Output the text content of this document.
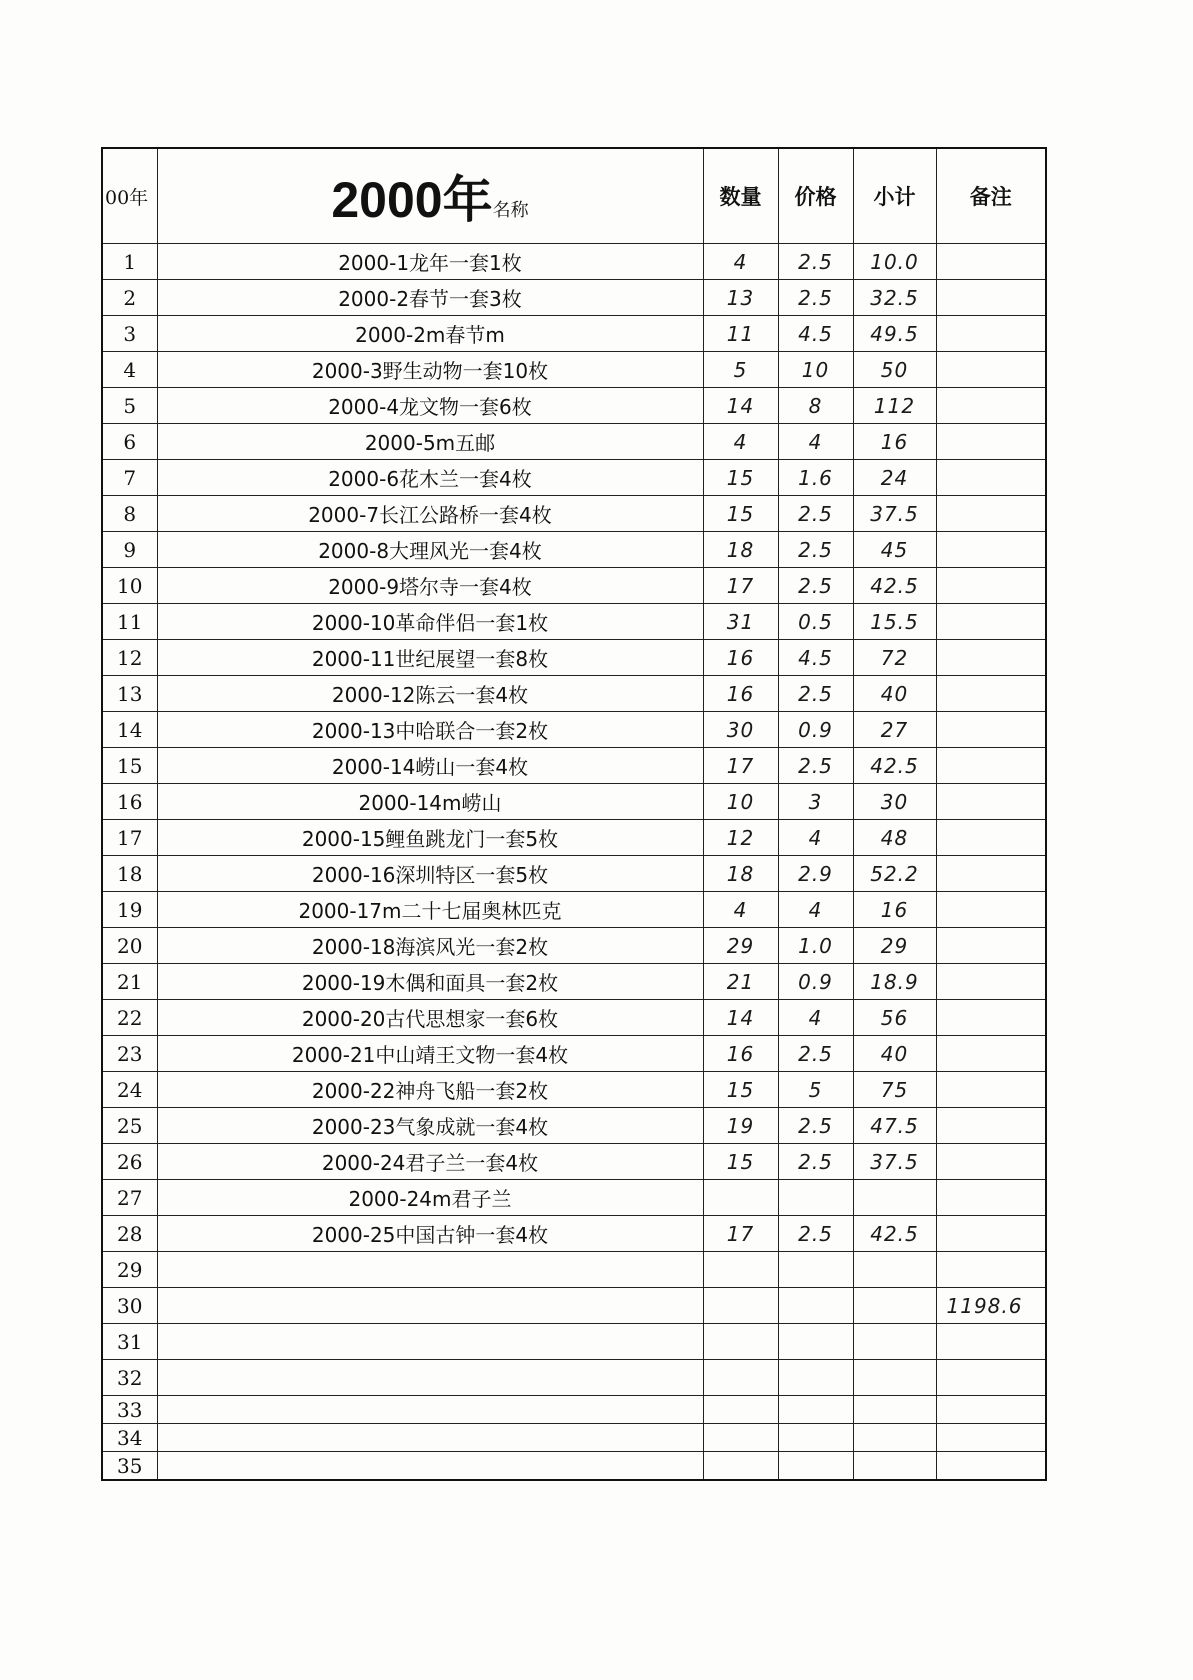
00年	2000年名称	数量	价格	小计	备注
1	2000-1龙年一套1枚	4	2.5	10.0	
2	2000-2春节一套3枚	13	2.5	32.5	
3	2000-2m春节m	11	4.5	49.5	
4	2000-3野生动物一套10枚	5	10	50	
5	2000-4龙文物一套6枚	14	8	112	
6	2000-5m五邮	4	4	16	
7	2000-6花木兰一套4枚	15	1.6	24	
8	2000-7长江公路桥一套4枚	15	2.5	37.5	
9	2000-8大理风光一套4枚	18	2.5	45	
10	2000-9塔尔寺一套4枚	17	2.5	42.5	
11	2000-10革命伴侣一套1枚	31	0.5	15.5	
12	2000-11世纪展望一套8枚	16	4.5	72	
13	2000-12陈云一套4枚	16	2.5	40	
14	2000-13中哈联合一套2枚	30	0.9	27	
15	2000-14崂山一套4枚	17	2.5	42.5	
16	2000-14m崂山	10	3	30	
17	2000-15鲤鱼跳龙门一套5枚	12	4	48	
18	2000-16深圳特区一套5枚	18	2.9	52.2	
19	2000-17m二十七届奥林匹克	4	4	16	
20	2000-18海滨风光一套2枚	29	1.0	29	
21	2000-19木偶和面具一套2枚	21	0.9	18.9	
22	2000-20古代思想家一套6枚	14	4	56	
23	2000-21中山靖王文物一套4枚	16	2.5	40	
24	2000-22神舟飞船一套2枚	15	5	75	
25	2000-23气象成就一套4枚	19	2.5	47.5	
26	2000-24君子兰一套4枚	15	2.5	37.5	
27	2000-24m君子兰				
28	2000-25中国古钟一套4枚	17	2.5	42.5	
29					
30					1198.6
31					
32					
33					
34					
35					
